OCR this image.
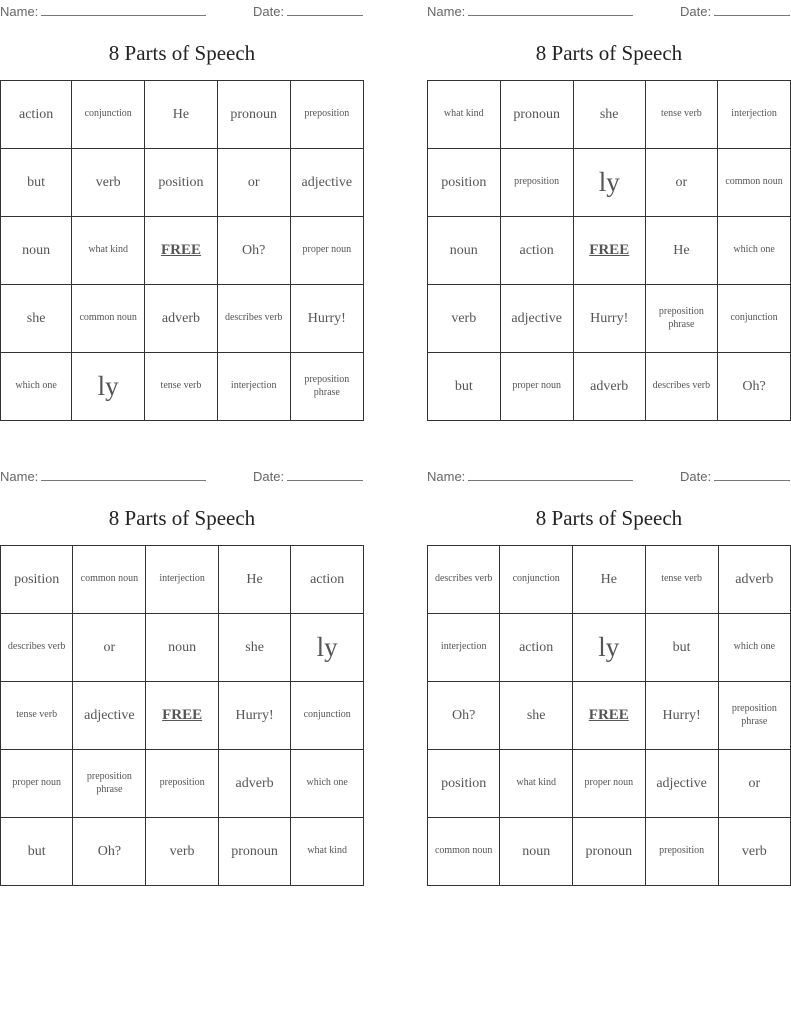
Name:	Date:
8 Parts of Speech
action	conjunction	He	pronoun	preposition
but	verb	position	or	adjective
noun	what kind	FREE	Oh?	proper noun
she	common noun	adverb	describes verb	Hurry!
which one	ly	tense verb	interjection	preposition phrase
Name:	Date:
8 Parts of Speech
what kind	pronoun	she	tense verb	interjection
position	preposition	ly	or	common noun
noun	action	FREE	He	which one
verb	adjective	Hurry!	preposition phrase	conjunction
but	proper noun	adverb	describes verb	Oh?
Name:	Date:
8 Parts of Speech
position	common noun	interjection	He	action
describes verb	or	noun	she	ly
tense verb	adjective	FREE	Hurry!	conjunction
proper noun	preposition phrase	preposition	adverb	which one
but	Oh?	verb	pronoun	what kind
Name:	Date:
8 Parts of Speech
describes verb	conjunction	He	tense verb	adverb
interjection	action	ly	but	which one
Oh?	she	FREE	Hurry!	preposition phrase
position	what kind	proper noun	adjective	or
common noun	noun	pronoun	preposition	verb
